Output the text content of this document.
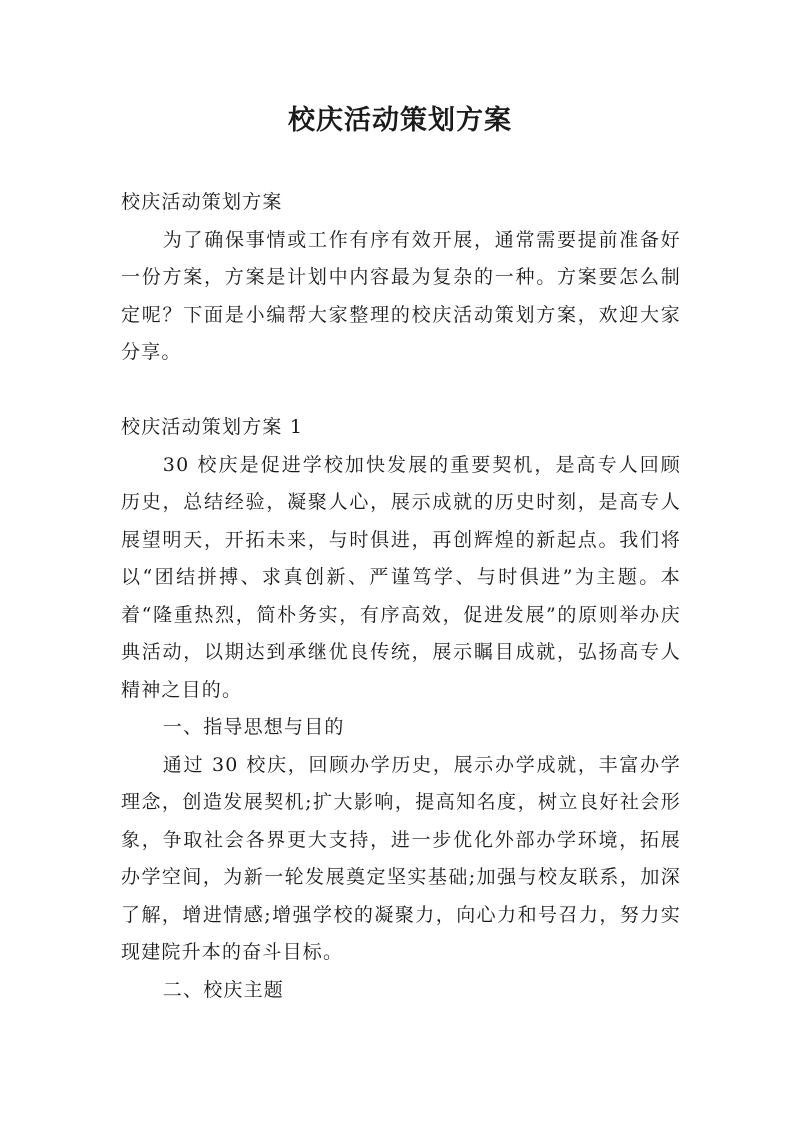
校庆活动策划方案

校庆活动策划方案

为了确保事情或工作有序有效开展，通常需要提前准备好一份方案，方案是计划中内容最为复杂的一种。方案要怎么制定呢？下面是小编帮大家整理的校庆活动策划方案，欢迎大家分享。

校庆活动策划方案 1

30 校庆是促进学校加快发展的重要契机，是高专人回顾历史，总结经验，凝聚人心，展示成就的历史时刻，是高专人展望明天，开拓未来，与时俱进，再创辉煌的新起点。我们将以“团结拼搏、求真创新、严谨笃学、与时俱进”为主题。本着“隆重热烈，简朴务实，有序高效，促进发展”的原则举办庆典活动，以期达到承继优良传统，展示瞩目成就，弘扬高专人精神之目的。

一、指导思想与目的

通过 30 校庆，回顾办学历史，展示办学成就，丰富办学理念，创造发展契机;扩大影响，提高知名度，树立良好社会形象，争取社会各界更大支持，进一步优化外部办学环境，拓展办学空间，为新一轮发展奠定坚实基础;加强与校友联系，加深了解，增进情感;增强学校的凝聚力，向心力和号召力，努力实现建院升本的奋斗目标。

二、校庆主题
